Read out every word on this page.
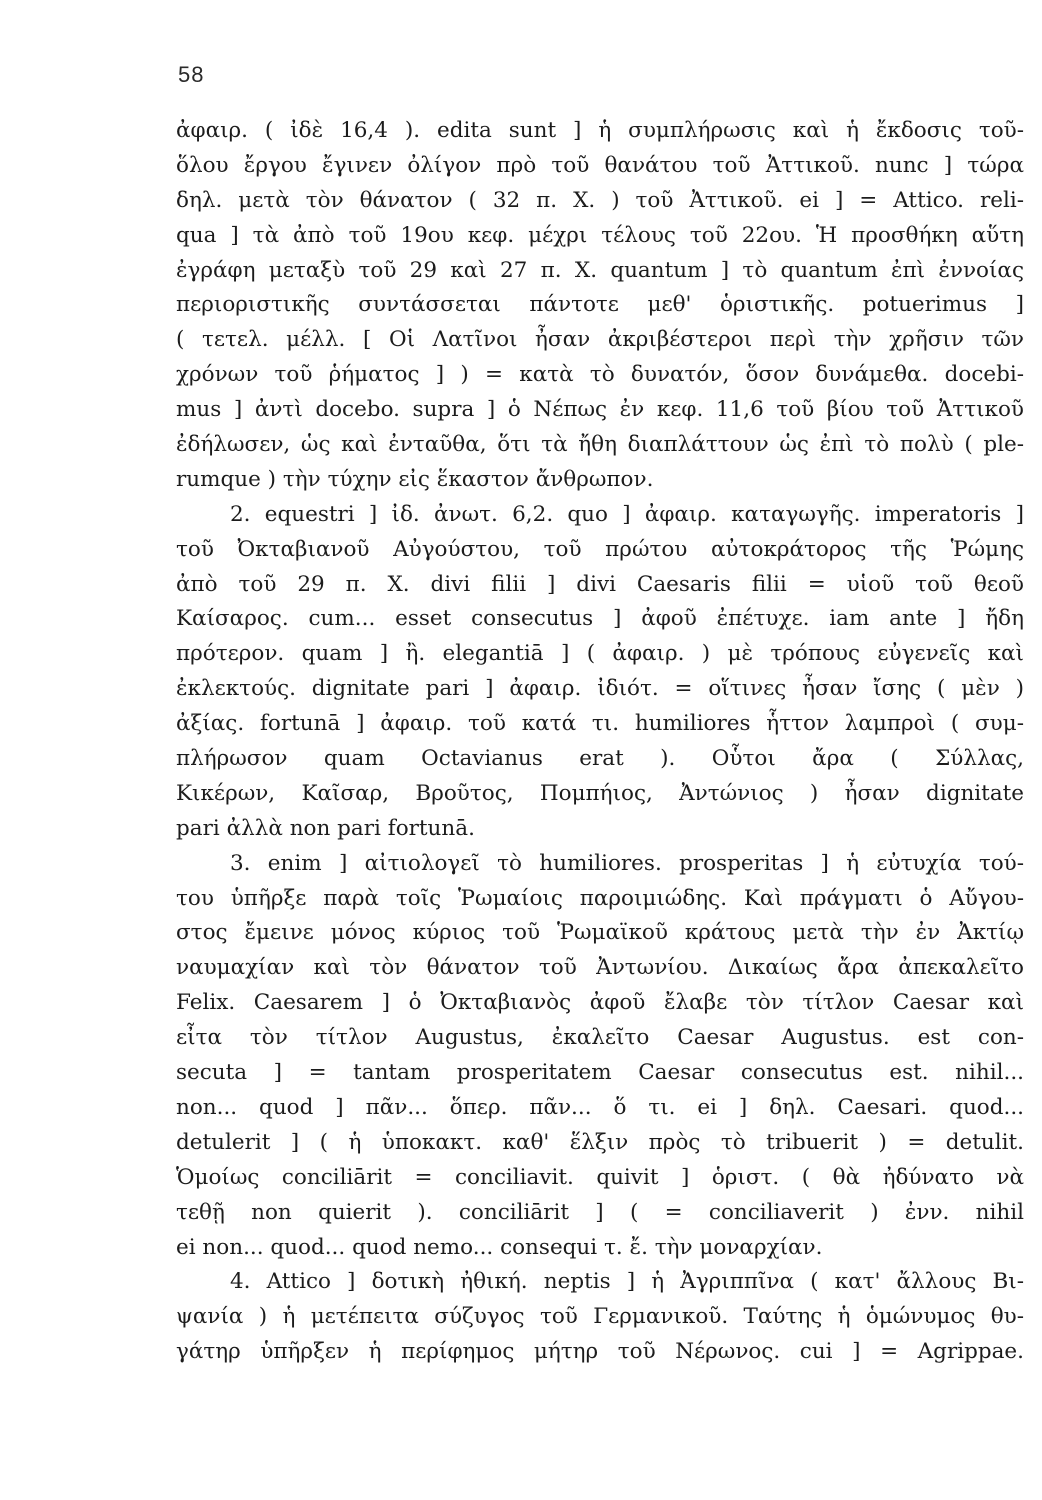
58
ἀφαιρ. ( ἰδὲ 16,4 ). edita sunt ] ἡ συμπλήρωσις καὶ ἡ ἔκδοσις τοῦ-
ὅλου ἔργου ἔγινεν ὀλίγον πρὸ τοῦ θανάτου τοῦ Ἀττικοῦ. nunc ] τώρα
δηλ. μετὰ τὸν θάνατον ( 32 π. Χ. ) τοῦ Ἀττικοῦ. ei ] = Attico. reli-
qua ] τὰ ἀπὸ τοῦ 19ου κεφ. μέχρι τέλους τοῦ 22ου. Ἡ προσθήκη αὕτη
ἐγράφη μεταξὺ τοῦ 29 καὶ 27 π. Χ. quantum ] τὸ quantum ἐπὶ ἐννοίας
περιοριστικῆς συντάσσεται πάντοτε μεθ' ὁριστικῆς. potuerimus ]
( τετελ. μέλλ. [ Οἱ Λατῖνοι ἦσαν ἀκριβέστεροι περὶ τὴν χρῆσιν τῶν
χρόνων τοῦ ῥήματος ] ) = κατὰ τὸ δυνατόν, ὅσον δυνάμεθα. docebi-
mus ] ἀντὶ docebo. supra ] ὁ Νέπως ἐν κεφ. 11,6 τοῦ βίου τοῦ Ἀττικοῦ
ἐδήλωσεν, ὡς καὶ ἐνταῦθα, ὅτι τὰ ἤθη διαπλάττουν ὡς ἐπὶ τὸ πολὺ ( ple-
rumque ) τὴν τύχην εἰς ἕκαστον ἄνθρωπον.
2. equestri ] ἰδ. ἀνωτ. 6,2. quo ] ἀφαιρ. καταγωγῆς. imperatoris ]
τοῦ Ὀκταβιανοῦ Αὐγούστου, τοῦ πρώτου αὐτοκράτορος τῆς Ῥώμης
ἀπὸ τοῦ 29 π. Χ. divi filii ] divi Caesaris filii = υἱοῦ τοῦ θεοῦ
Καίσαρος. cum... esset consecutus ] ἀφοῦ ἐπέτυχε. iam ante ] ἤδη
πρότερον. quam ] ἢ. elegantiā ] ( ἀφαιρ. ) μὲ τρόπους εὐγενεῖς καὶ
ἐκλεκτούς. dignitate pari ] ἀφαιρ. ἰδιότ. = οἵτινες ἦσαν ἴσης ( μὲν )
ἀξίας. fortunā ] ἀφαιρ. τοῦ κατά τι. humiliores ἧττον λαμπροὶ ( συμ-
πλήρωσον quam Octavianus erat ). Οὗτοι ἄρα ( Σύλλας,
Κικέρων, Καῖσαρ, Βροῦτος, Πομπήιος, Ἀντώνιος ) ἦσαν dignitate
pari ἀλλὰ non pari fortunā.
3. enim ] αἰτιολογεῖ τὸ humiliores. prosperitas ] ἡ εὐτυχία τού-
του ὑπῆρξε παρὰ τοῖς Ῥωμαίοις παροιμιώδης. Καὶ πράγματι ὁ Αὔγου-
στος ἔμεινε μόνος κύριος τοῦ Ῥωμαϊκοῦ κράτους μετὰ τὴν ἐν Ἀκτίῳ
ναυμαχίαν καὶ τὸν θάνατον τοῦ Ἀντωνίου. Δικαίως ἄρα ἀπεκαλεῖτο
Felix. Caesarem ] ὁ Ὀκταβιανὸς ἀφοῦ ἔλαβε τὸν τίτλον Caesar καὶ
εἶτα τὸν τίτλον Augustus, ἐκαλεῖτο Caesar Augustus. est con-
secuta ] = tantam prosperitatem Caesar consecutus est. nihil...
non... quod ] πᾶν... ὅπερ. πᾶν... ὅ τι. ei ] δηλ. Caesari. quod...
detulerit ] ( ἡ ὑποκακτ. καθ' ἕλξιν πρὸς τὸ tribuerit ) = detulit.
Ὁμοίως conciliārit = conciliavit. quivit ] ὁριστ. ( θὰ ἠδύνατο νὰ
τεθῇ non quierit ). conciliārit ] ( = conciliaverit ) ἐνν. nihil
ei non... quod... quod nemo... consequi τ. ἔ. τὴν μοναρχίαν.
4. Attico ] δοτικὴ ἠθική. neptis ] ἡ Ἀγριππῖνα ( κατ' ἄλλους Βι-
ψανία ) ἡ μετέπειτα σύζυγος τοῦ Γερμανικοῦ. Ταύτης ἡ ὁμώνυμος θυ-
γάτηρ ὑπῆρξεν ἡ περίφημος μήτηρ τοῦ Νέρωνος. cui ] = Agrippae.
